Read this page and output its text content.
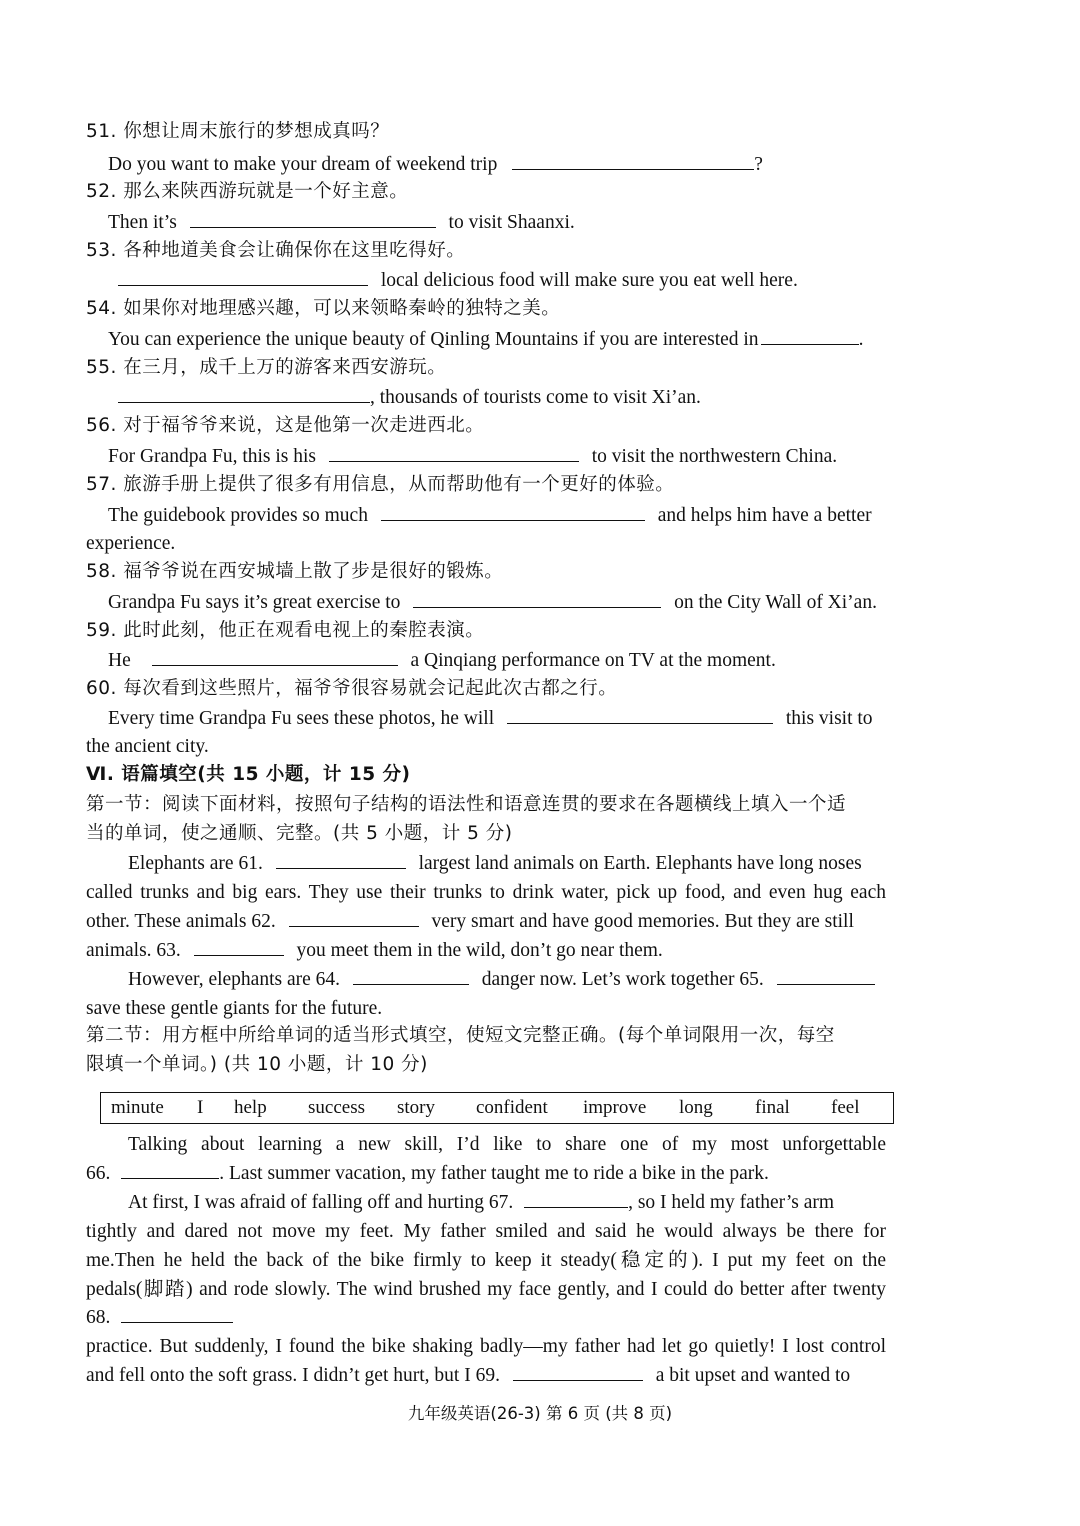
51. 你想让周末旅行的梦想成真吗？
Do you want to make your dream of weekend trip	?
52. 那么来陕西游玩就是一个好主意。
Then it’s	to visit Shaanxi.
53. 各种地道美食会让确保你在这里吃得好。
local delicious food will make sure you eat well here.
54. 如果你对地理感兴趣，可以来领略秦岭的独特之美。
You can experience the unique beauty of Qinling Mountains if you are interested in	.
55. 在三月，成千上万的游客来西安游玩。
, thousands of tourists come to visit Xi’an.
56. 对于福爷爷来说，这是他第一次走进西北。
For Grandpa Fu, this is his	to visit the northwestern China.
57. 旅游手册上提供了很多有用信息，从而帮助他有一个更好的体验。
The guidebook provides so much	and helps him have a better
experience.
58. 福爷爷说在西安城墙上散了步是很好的锻炼。
Grandpa Fu says it’s great exercise to	on the City Wall of Xi’an.
59. 此时此刻，他正在观看电视上的秦腔表演。
He	a Qinqiang performance on TV at the moment.
60. 每次看到这些照片，福爷爷很容易就会记起此次古都之行。
Every time Grandpa Fu sees these photos, he will	this visit to
the ancient city.
Ⅵ. 语篇填空(共 15 小题，计 15 分)
第一节：阅读下面材料，按照句子结构的语法性和语意连贯的要求在各题横线上填入一个适
当的单词，使之通顺、完整。(共 5 小题，计 5 分)
Elephants are 61.	largest land animals on Earth. Elephants have long noses
called trunks and big ears. They use their trunks to drink water, pick up food, and even hug each
other. These animals 62.	very smart and have good memories. But they are still
animals. 63.	you meet them in the wild, don’t go near them.
However, elephants are 64.	danger now. Let’s work together 65.
save these gentle giants for the future.
第二节：用方框中所给单词的适当形式填空，使短文完整正确。(每个单词限用一次，每空
限填一个单词。) (共 10 小题，计 10 分)
minute I help success story confident improve long final feel
Talking about learning a new skill, I’d like to share one of my most unforgettable
66.	. Last summer vacation, my father taught me to ride a bike in the park.
At first, I was afraid of falling off and hurting 67.	, so I held my father’s arm
tightly and dared not move my feet. My father smiled and said he would always be there for
me.Then he held the back of the bike firmly to keep it steady(稳定的). I put my feet on the
pedals(脚踏) and rode slowly. The wind brushed my face gently, and I could do better after twenty
68.
practice. But suddenly, I found the bike shaking badly—my father had let go quietly! I lost control
and fell onto the soft grass. I didn’t get hurt, but I 69.	a bit upset and wanted to
九年级英语(26-3) 第 6 页 (共 8 页)
